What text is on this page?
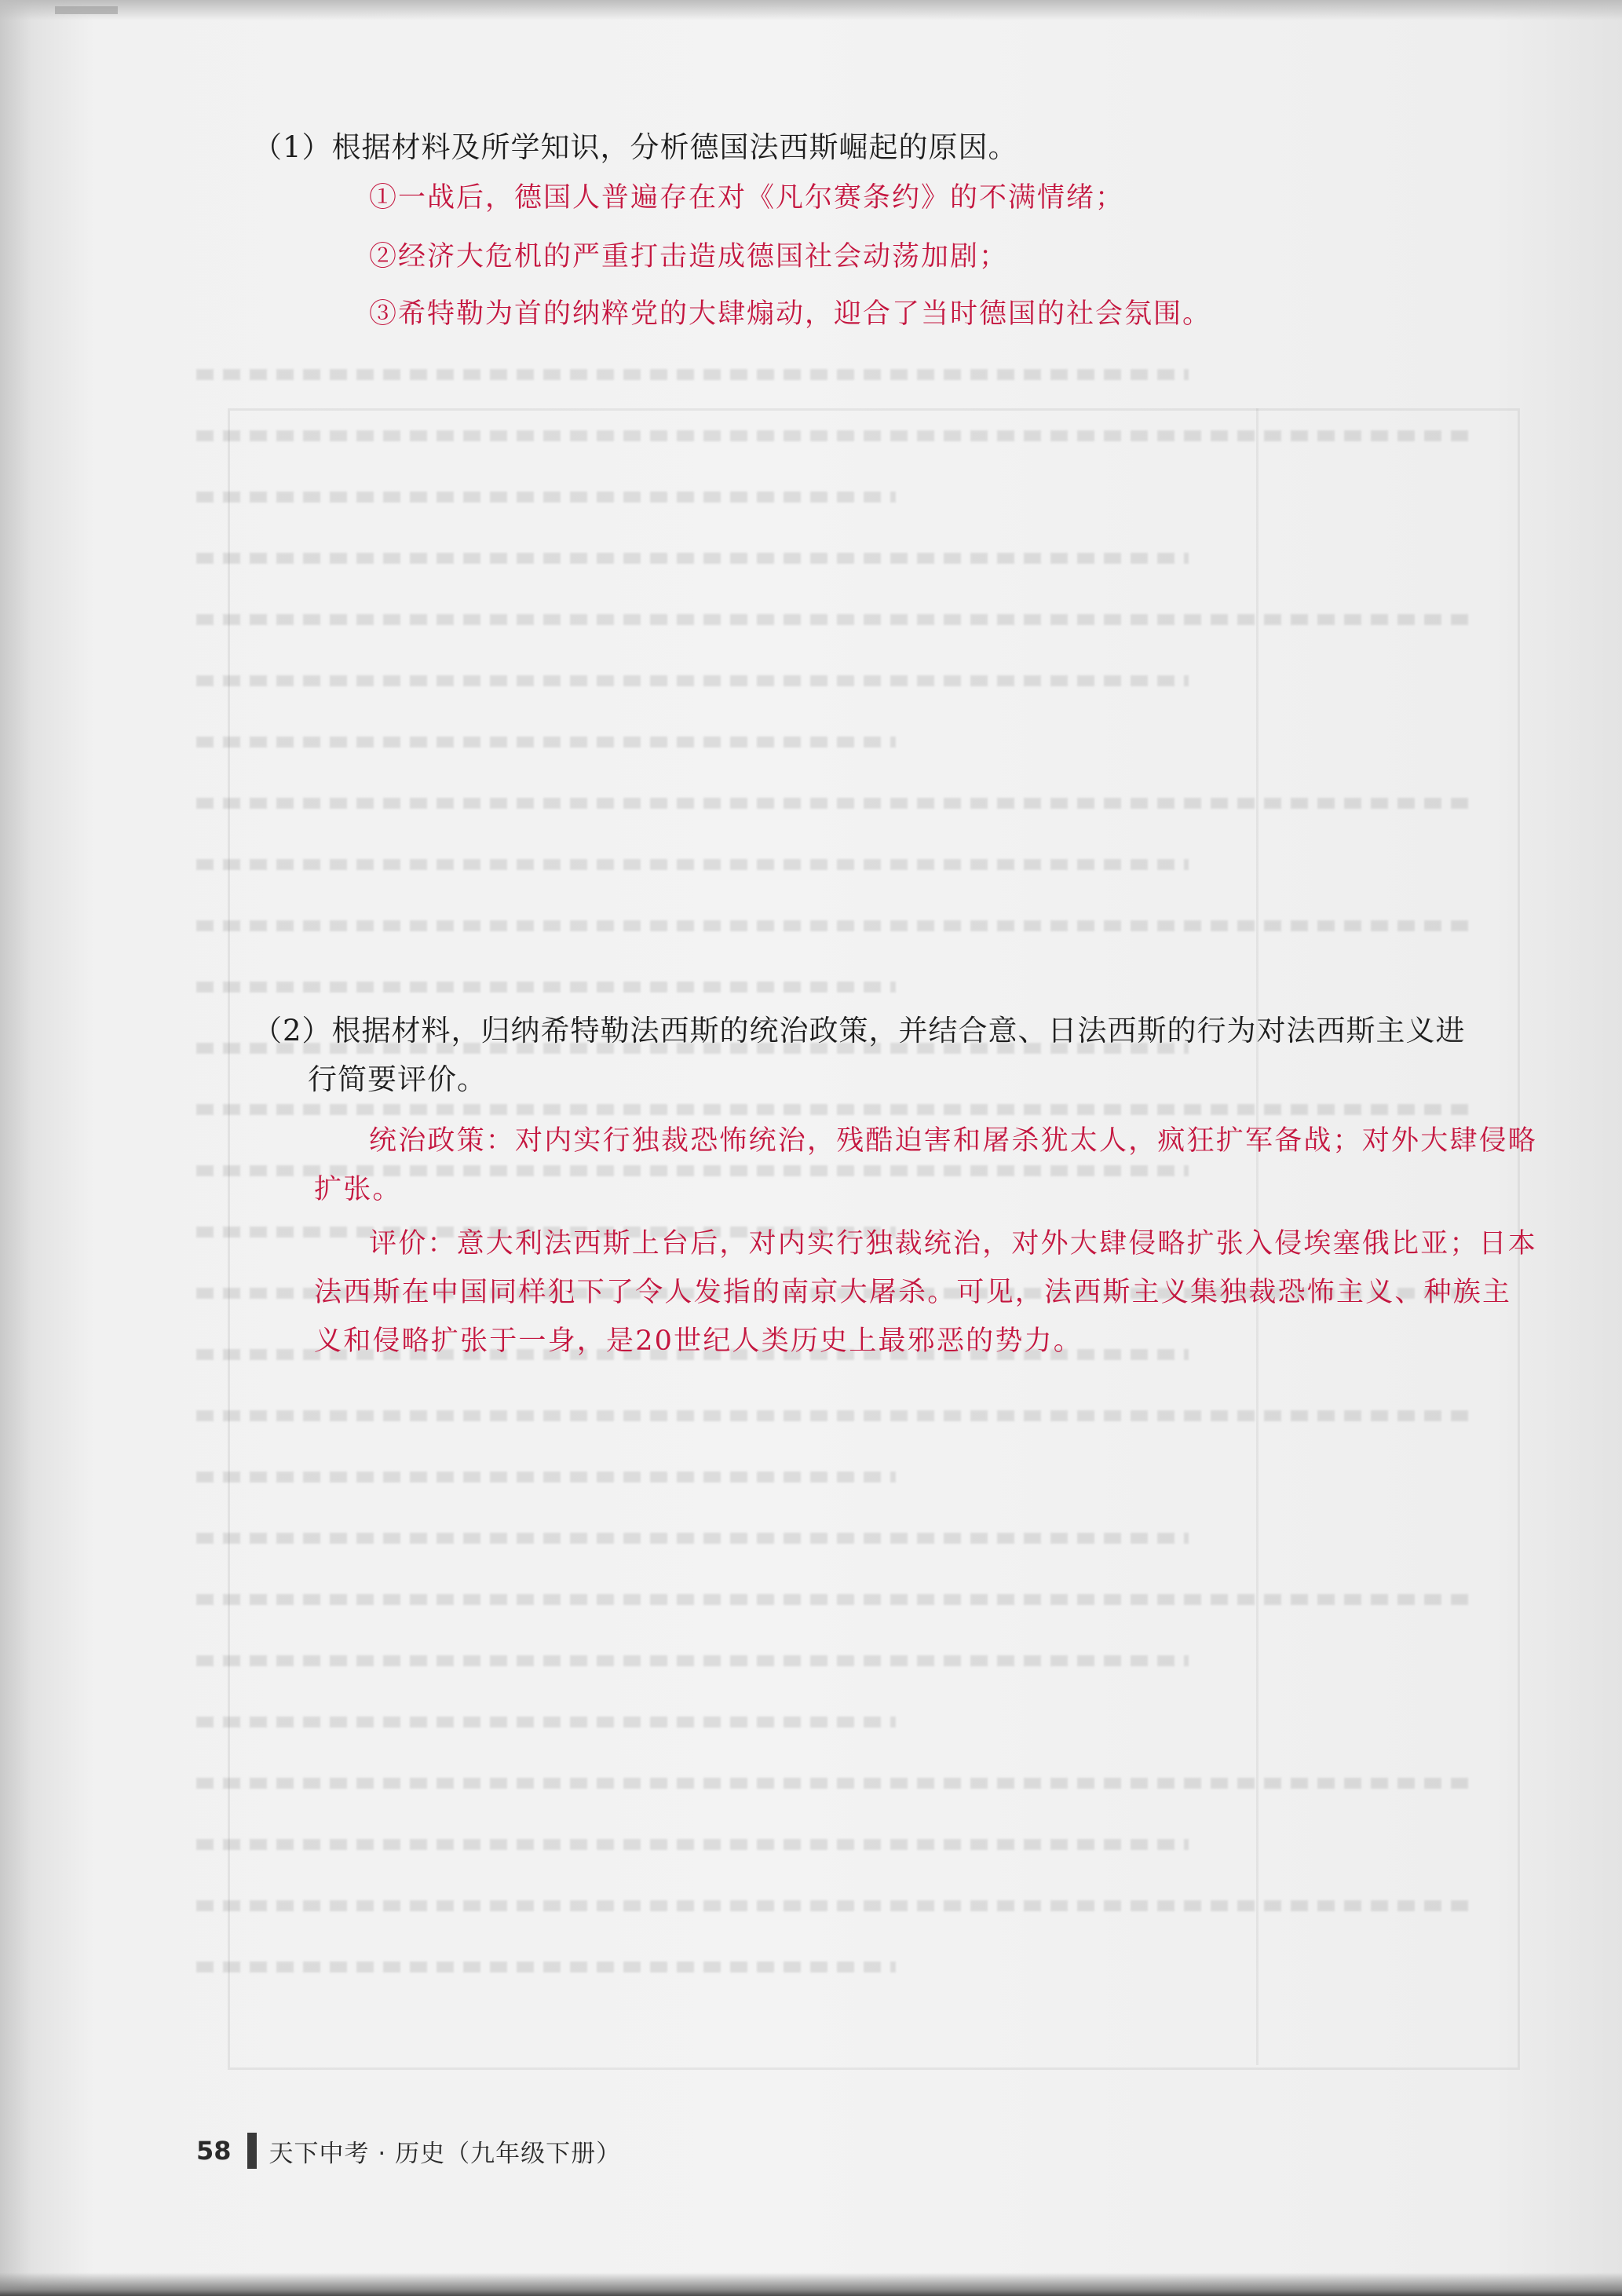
（1）根据材料及所学知识，分析德国法西斯崛起的原因。
①一战后，德国人普遍存在对《凡尔赛条约》的不满情绪；
②经济大危机的严重打击造成德国社会动荡加剧；
③希特勒为首的纳粹党的大肆煽动，迎合了当时德国的社会氛围。
（2）根据材料，归纳希特勒法西斯的统治政策，并结合意、日法西斯的行为对法西斯主义进
行简要评价。
统治政策：对内实行独裁恐怖统治，残酷迫害和屠杀犹太人，疯狂扩军备战；对外大肆侵略扩张。
评价：意大利法西斯上台后，对内实行独裁统治，对外大肆侵略扩张入侵埃塞俄比亚；日本法西斯在中国同样犯下了令人发指的南京大屠杀。可见，法西斯主义集独裁恐怖主义、种族主义和侵略扩张于一身，是20世纪人类历史上最邪恶的势力。
58 天下中考 · 历史（九年级下册）
